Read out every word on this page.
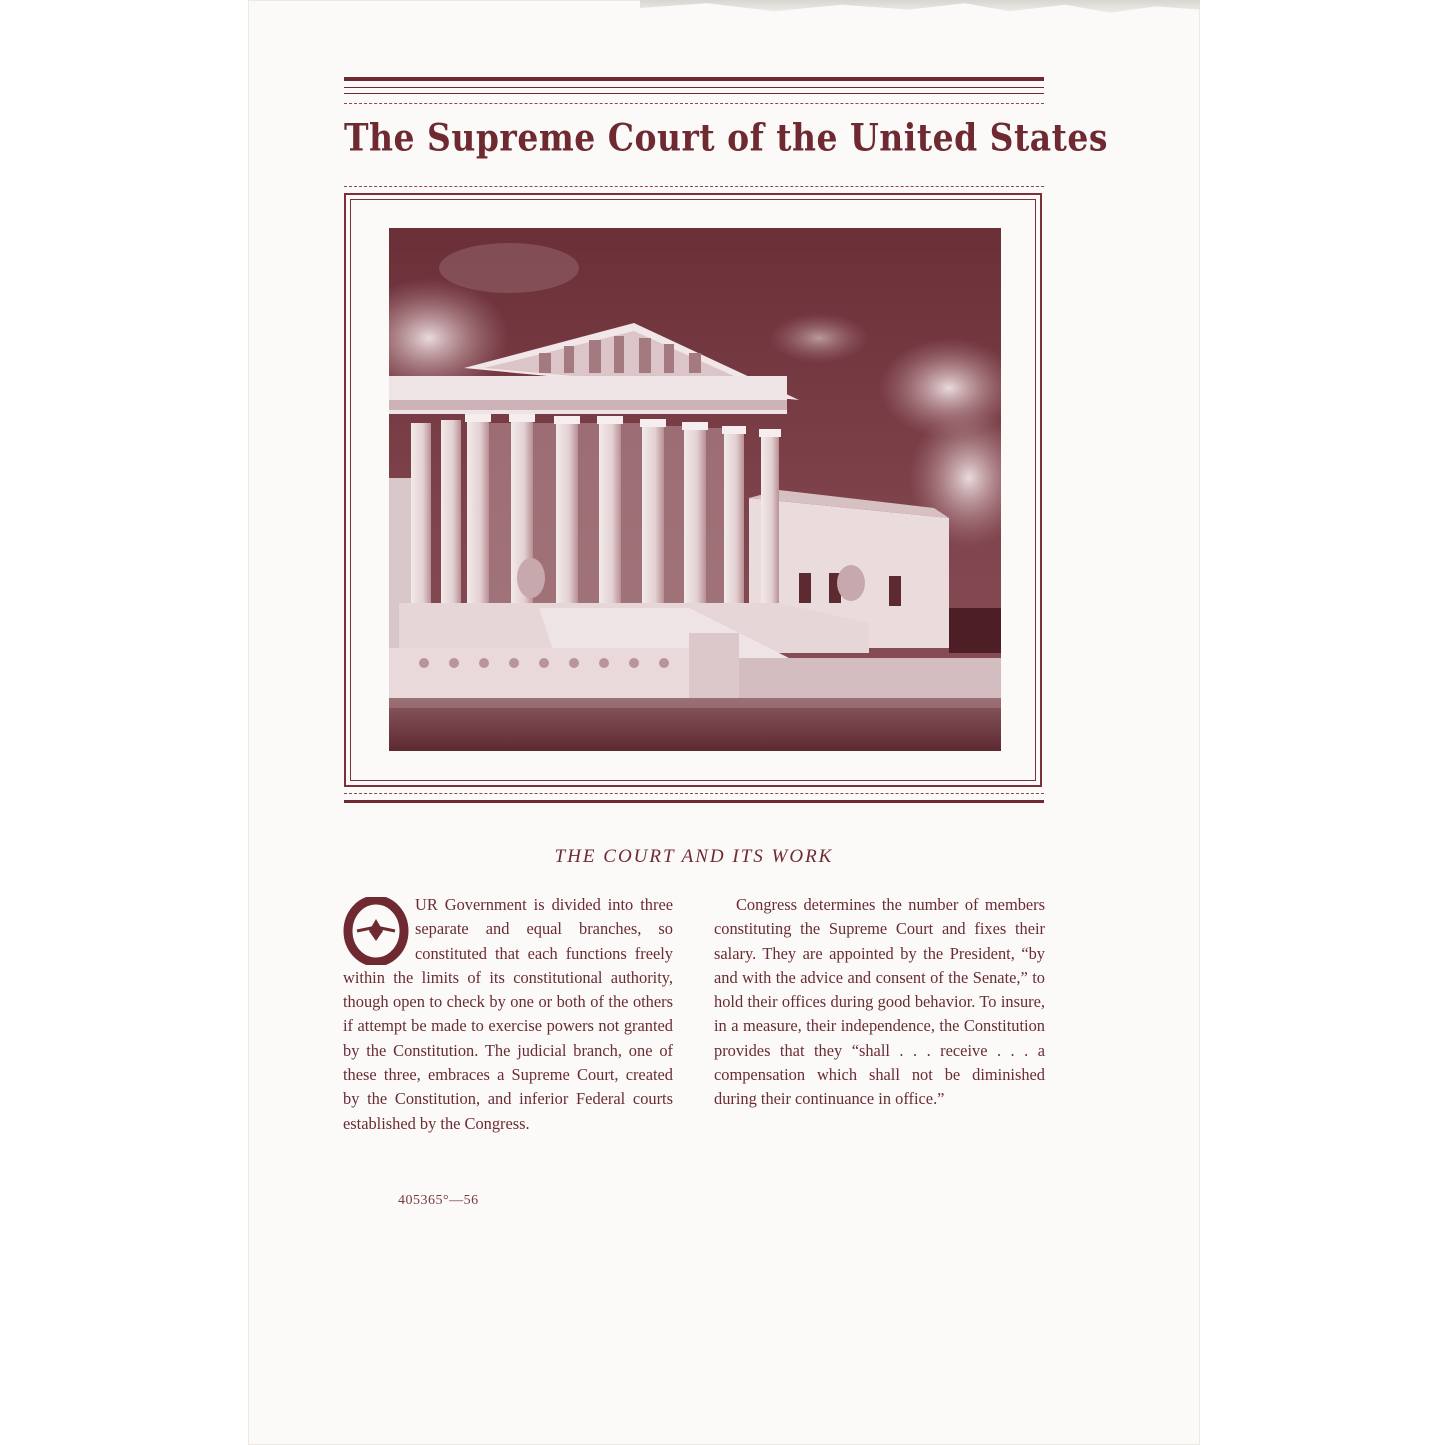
The Supreme Court of the United States
THE COURT AND ITS WORK

UR Government is divided into three separate and equal branches, so constituted that each functions freely within the limits of its constitutional authority, though open to check by one or both of the others if attempt be made to exercise powers not granted by the Constitution. The judicial branch, one of these three, embraces a Supreme Court, created by the Constitution, and inferior Federal courts established by the Congress.

Congress determines the number of members constituting the Supreme Court and fixes their salary. They are appointed by the President, “by and with the advice and consent of the Senate,” to hold their offices during good behavior. To insure, in a measure, their independence, the Constitution provides that they “shall . . . receive . . . a compensation which shall not be diminished during their continuance in office.”

405365°—56
